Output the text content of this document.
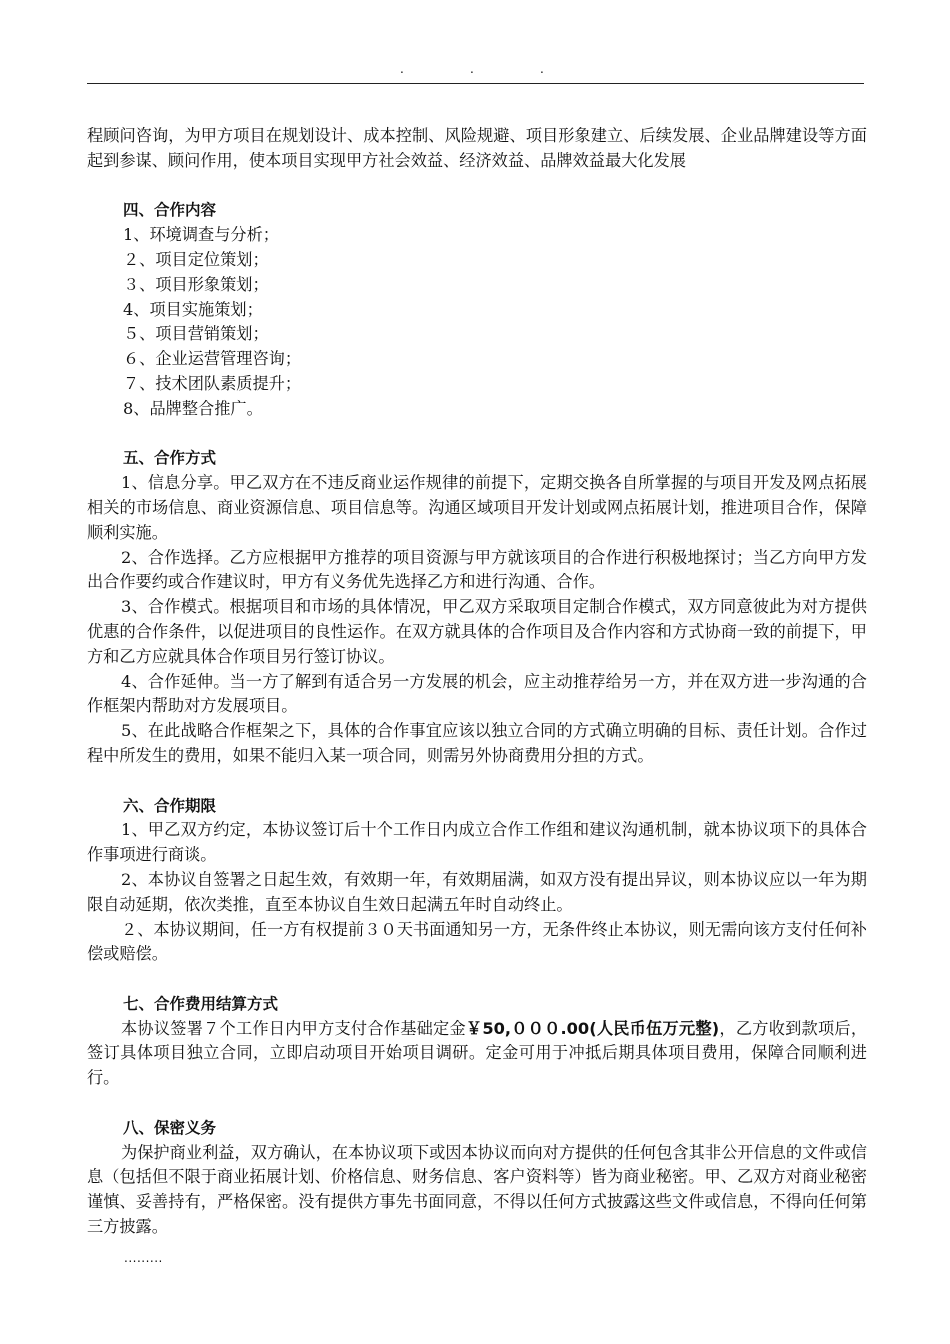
.	.	.

程顾问咨询，为甲方项目在规划设计、成本控制、风险规避、项目形象建立、后续发展、企业品牌建设等方面起到参谋、顾问作用，使本项目实现甲方社会效益、经济效益、品牌效益最大化发展

四、合作内容

1、环境调查与分析；

２、项目定位策划；

３、项目形象策划；

4、项目实施策划；

５、项目营销策划；

６、企业运营管理咨询；

７、技术团队素质提升；

8、品牌整合推广。

五、合作方式

1、信息分享。甲乙双方在不违反商业运作规律的前提下，定期交换各自所掌握的与项目开发及网点拓展相关的市场信息、商业资源信息、项目信息等。沟通区域项目开发计划或网点拓展计划，推进项目合作，保障顺利实施。

2、合作选择。乙方应根据甲方推荐的项目资源与甲方就该项目的合作进行积极地探讨；当乙方向甲方发出合作要约或合作建议时，甲方有义务优先选择乙方和进行沟通、合作。

3、合作模式。根据项目和市场的具体情况，甲乙双方采取项目定制合作模式，双方同意彼此为对方提供优惠的合作条件，以促进项目的良性运作。在双方就具体的合作项目及合作内容和方式协商一致的前提下，甲方和乙方应就具体合作项目另行签订协议。

4、合作延伸。当一方了解到有适合另一方发展的机会，应主动推荐给另一方，并在双方进一步沟通的合作框架内帮助对方发展项目。

5、在此战略合作框架之下，具体的合作事宜应该以独立合同的方式确立明确的目标、责任计划。合作过程中所发生的费用，如果不能归入某一项合同，则需另外协商费用分担的方式。

六、合作期限

1、甲乙双方约定，本协议签订后十个工作日内成立合作工作组和建议沟通机制，就本协议项下的具体合作事项进行商谈。

2、本协议自签署之日起生效，有效期一年，有效期届满，如双方没有提出异议，则本协议应以一年为期限自动延期，依次类推，直至本协议自生效日起满五年时自动终止。

２、本协议期间，任一方有权提前３０天书面通知另一方，无条件终止本协议，则无需向该方支付任何补偿或赔偿。

七、合作费用结算方式

本协议签署７个工作日内甲方支付合作基础定金￥50,０００.00(人民币伍万元整)，乙方收到款项后，签订具体项目独立合同，立即启动项目开始项目调研。定金可用于冲抵后期具体项目费用，保障合同顺利进行。

八、保密义务

为保护商业利益，双方确认，在本协议项下或因本协议而向对方提供的任何包含其非公开信息的文件或信息（包括但不限于商业拓展计划、价格信息、财务信息、客户资料等）皆为商业秘密。甲、乙双方对商业秘密谨慎、妥善持有，严格保密。没有提供方事先书面同意，不得以任何方式披露这些文件或信息，不得向任何第三方披露。

.........
